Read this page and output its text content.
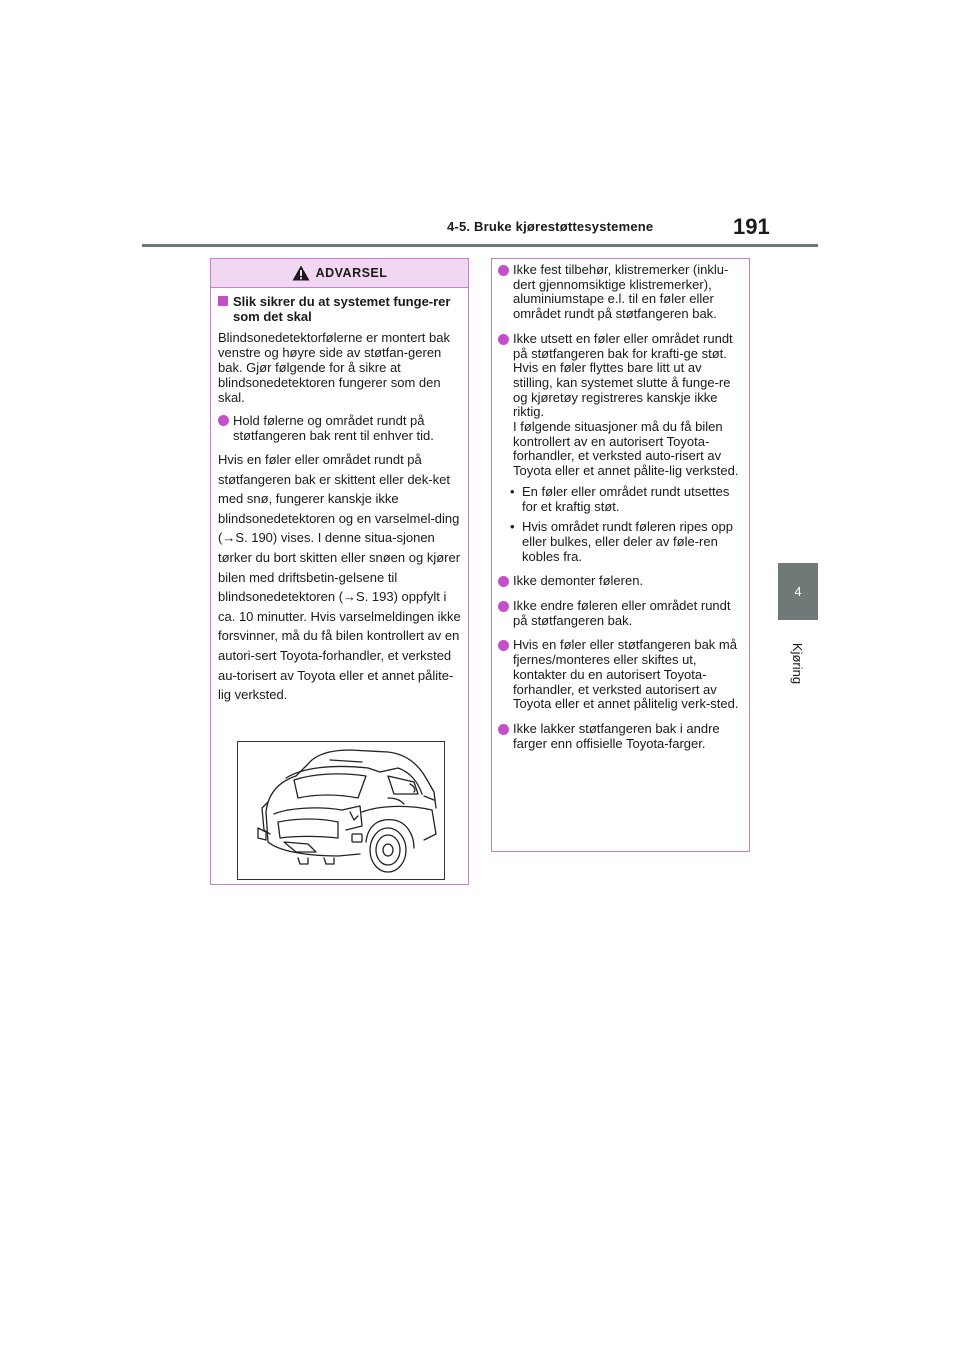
4-5. Bruke kjørestøttesystemene	191
4
Kjøring
ADVARSEL
Slik sikrer du at systemet funge-rer som det skal

Blindsonedetektorfølerne er montert bak venstre og høyre side av støtfan-geren bak. Gjør følgende for å sikre at blindsonedetektoren fungerer som den skal.

Hold følerne og området rundt på støtfangeren bak rent til enhver tid.

Hvis en føler eller området rundt på støtfangeren bak er skittent eller dek-ket med snø, fungerer kanskje ikke blindsonedetektoren og en varselmel-ding (→S. 190) vises. I denne situa-sjonen tørker du bort skitten eller snøen og kjører bilen med driftsbetin-gelsene til blindsonedetektoren (→S. 193) oppfylt i ca. 10 minutter. Hvis varselmeldingen ikke forsvinner, må du få bilen kontrollert av en autori-sert Toyota-forhandler, et verksted au-torisert av Toyota eller et annet pålite-lig verksted.

Ikke fest tilbehør, klistremerker (inklu-dert gjennomsiktige klistremerker), aluminiumstape e.l. til en føler eller området rundt på støtfangeren bak.
Ikke utsett en føler eller området rundt på støtfangeren bak for krafti-ge støt.
Hvis en føler flyttes bare litt ut av stilling, kan systemet slutte å funge-re og kjøretøy registreres kanskje ikke riktig.
I følgende situasjoner må du få bilen kontrollert av en autorisert Toyota-forhandler, et verksted auto-risert av Toyota eller et annet pålite-lig verksted.
• En føler eller området rundt utsettes for et kraftig støt.
• Hvis området rundt føleren ripes opp eller bulkes, eller deler av føle-ren kobles fra.
Ikke demonter føleren.
Ikke endre føleren eller området rundt på støtfangeren bak.
Hvis en føler eller støtfangeren bak må fjernes/monteres eller skiftes ut, kontakter du en autorisert Toyota-forhandler, et verksted autorisert av Toyota eller et annet pålitelig verk-sted.
Ikke lakker støtfangeren bak i andre farger enn offisielle Toyota-farger.
